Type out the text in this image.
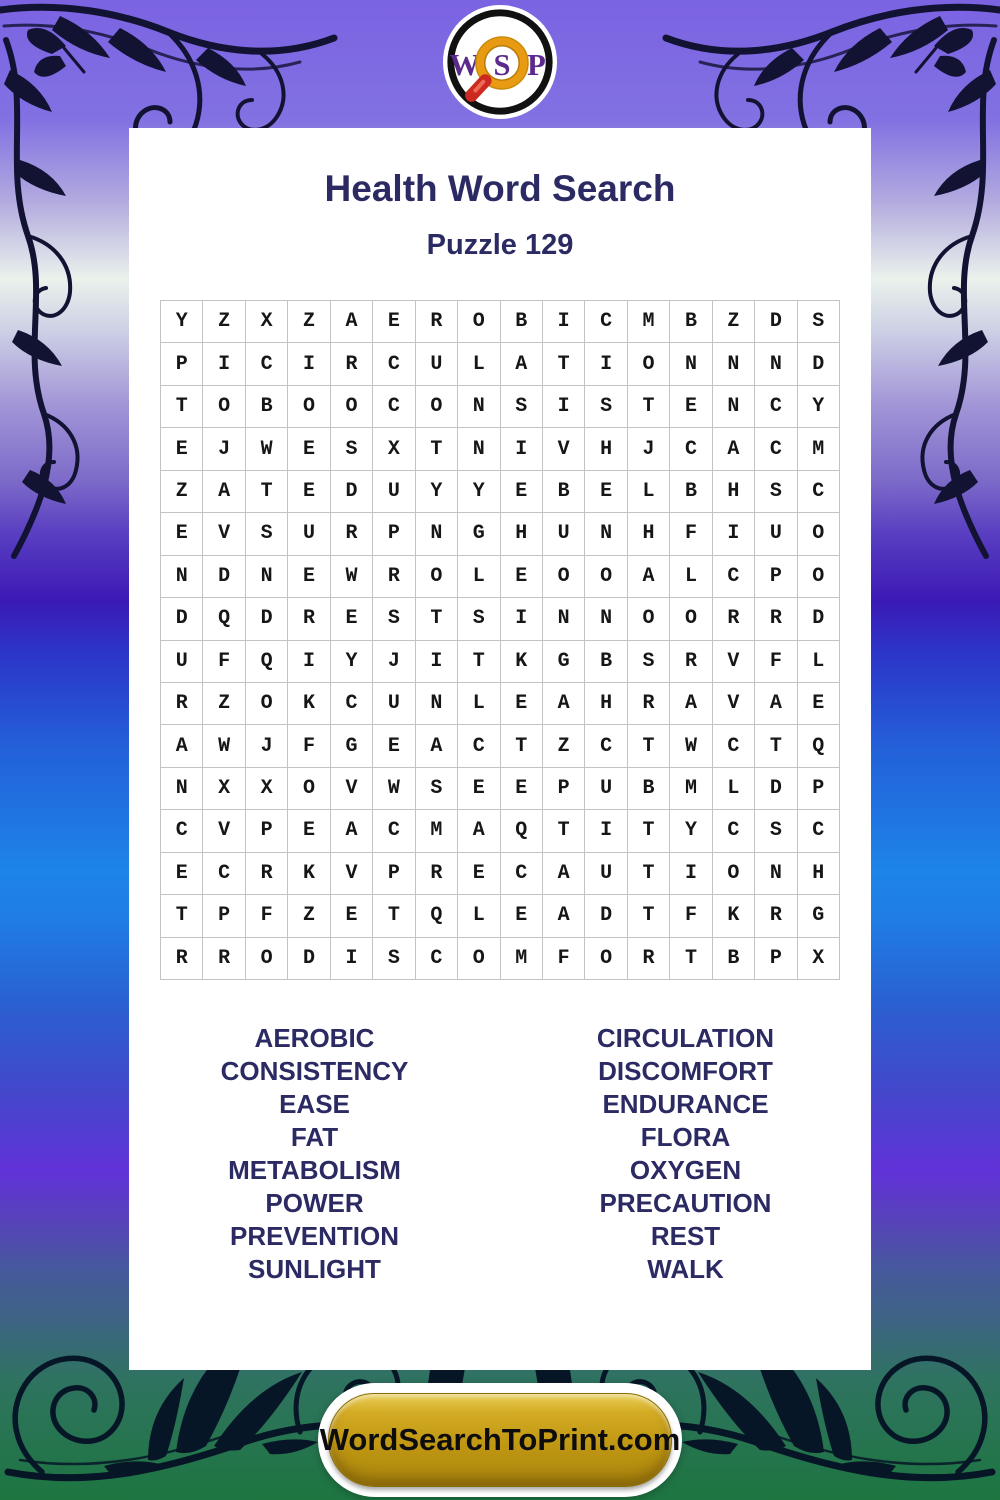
Health Word Search
Puzzle 129
Y	Z	X	Z	A	E	R	O	B	I	C	M	B	Z	D	S
P	I	C	I	R	C	U	L	A	T	I	O	N	N	N	D
T	O	B	O	O	C	O	N	S	I	S	T	E	N	C	Y
E	J	W	E	S	X	T	N	I	V	H	J	C	A	C	M
Z	A	T	E	D	U	Y	Y	E	B	E	L	B	H	S	C
E	V	S	U	R	P	N	G	H	U	N	H	F	I	U	O
N	D	N	E	W	R	O	L	E	O	O	A	L	C	P	O
D	Q	D	R	E	S	T	S	I	N	N	O	O	R	R	D
U	F	Q	I	Y	J	I	T	K	G	B	S	R	V	F	L
R	Z	O	K	C	U	N	L	E	A	H	R	A	V	A	E
A	W	J	F	G	E	A	C	T	Z	C	T	W	C	T	Q
N	X	X	O	V	W	S	E	E	P	U	B	M	L	D	P
C	V	P	E	A	C	M	A	Q	T	I	T	Y	C	S	C
E	C	R	K	V	P	R	E	C	A	U	T	I	O	N	H
T	P	F	Z	E	T	Q	L	E	A	D	T	F	K	R	G
R	R	O	D	I	S	C	O	M	F	O	R	T	B	P	X
AEROBIC
CONSISTENCY
EASE
FAT
METABOLISM
POWER
PREVENTION
SUNLIGHT
CIRCULATION
DISCOMFORT
ENDURANCE
FLORA
OXYGEN
PRECAUTION
REST
WALK
W P
S
WordSearchToPrint.com
